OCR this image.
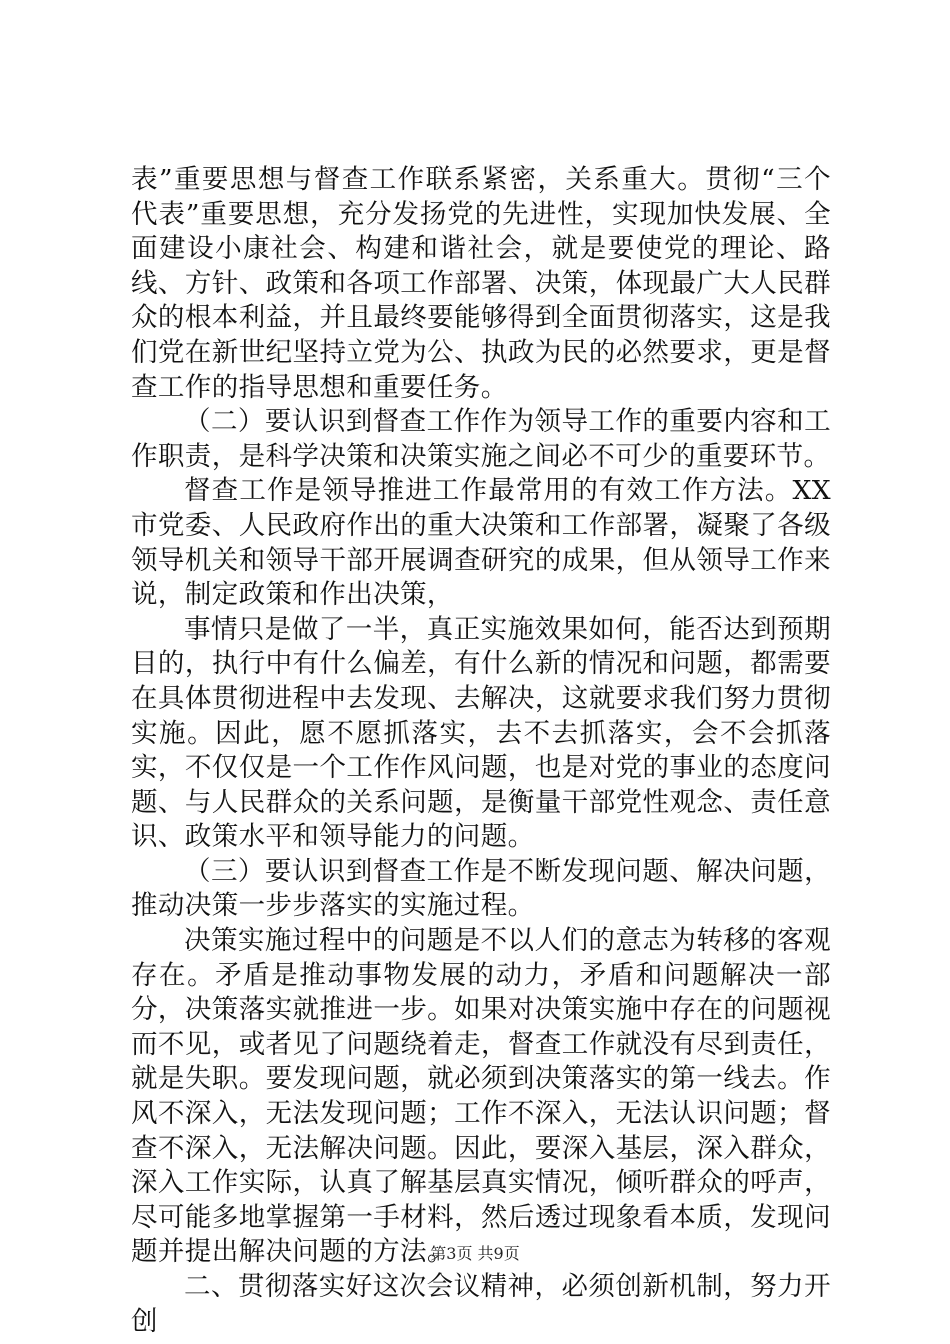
表”重要思想与督查工作联系紧密，关系重大。贯彻“三个代表”重要思想，充分发扬党的先进性，实现加快发展、全面建设小康社会、构建和谐社会，就是要使党的理论、路线、方针、政策和各项工作部署、决策，体现最广大人民群众的根本利益，并且最终要能够得到全面贯彻落实，这是我们党在新世纪坚持立党为公、执政为民的必然要求，更是督查工作的指导思想和重要任务。

（二）要认识到督查工作作为领导工作的重要内容和工作职责，是科学决策和决策实施之间必不可少的重要环节。

督查工作是领导推进工作最常用的有效工作方法。XX市党委、人民政府作出的重大决策和工作部署，凝聚了各级领导机关和领导干部开展调查研究的成果，但从领导工作来说，制定政策和作出决策，

事情只是做了一半，真正实施效果如何，能否达到预期目的，执行中有什么偏差，有什么新的情况和问题，都需要在具体贯彻进程中去发现、去解决，这就要求我们努力贯彻实施。因此，愿不愿抓落实，去不去抓落实，会不会抓落实，不仅仅是一个工作作风问题，也是对党的事业的态度问题、与人民群众的关系问题，是衡量干部党性观念、责任意识、政策水平和领导能力的问题。

（三）要认识到督查工作是不断发现问题、解决问题，推动决策一步步落实的实施过程。

决策实施过程中的问题是不以人们的意志为转移的客观存在。矛盾是推动事物发展的动力，矛盾和问题解决一部分，决策落实就推进一步。如果对决策实施中存在的问题视而不见，或者见了问题绕着走，督查工作就没有尽到责任，就是失职。要发现问题，就必须到决策落实的第一线去。作风不深入，无法发现问题；工作不深入，无法认识问题；督查不深入，无法解决问题。因此，要深入基层，深入群众，深入工作实际，认真了解基层真实情况，倾听群众的呼声，尽可能多地掌握第一手材料，然后透过现象看本质，发现问题并提出解决问题的方法。

二、贯彻落实好这次会议精神，必须创新机制，努力开创

第3页 共9页
